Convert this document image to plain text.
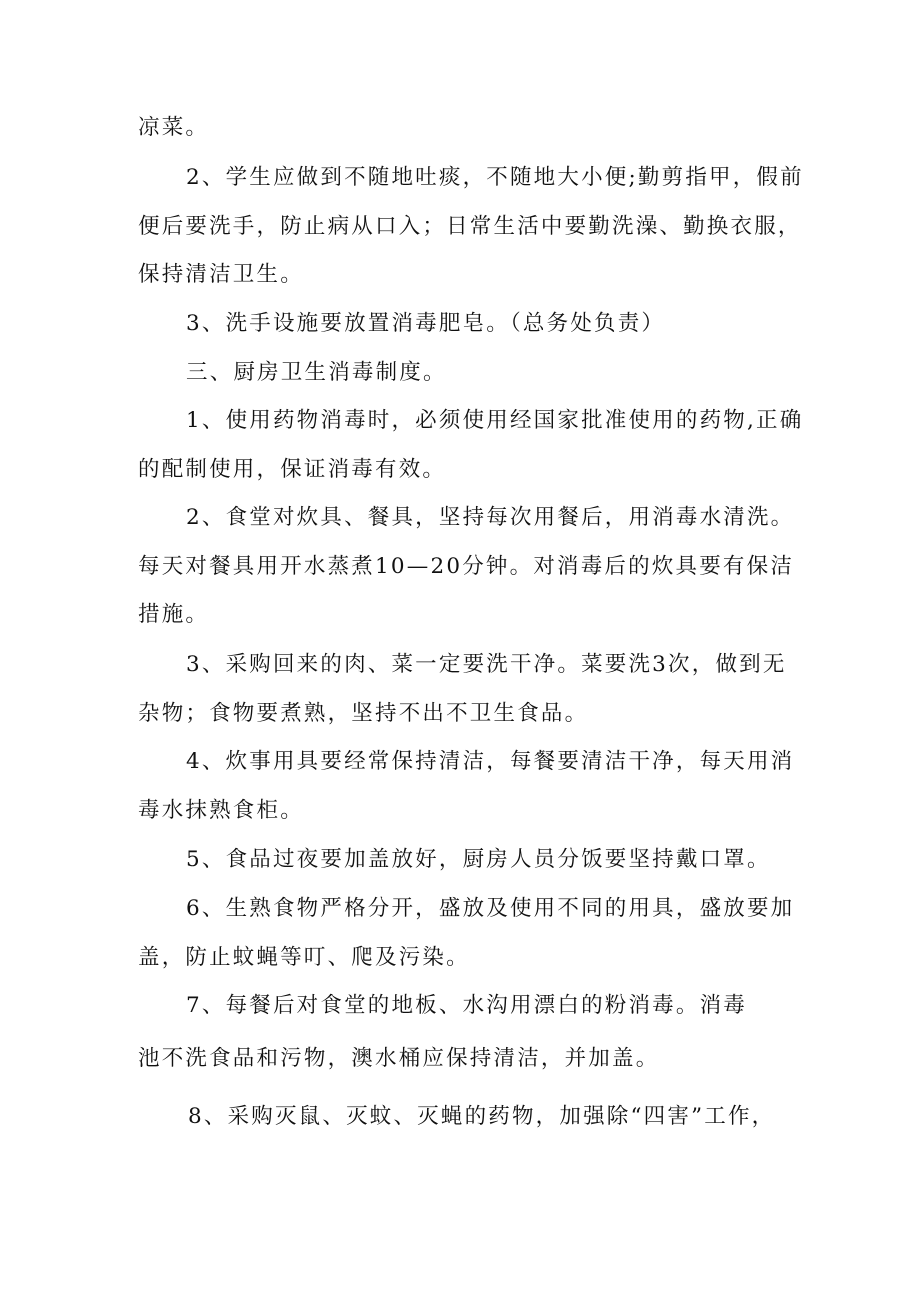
凉菜。
2、学生应做到不随地吐痰，不随地大小便;勤剪指甲，假前
便后要洗手，防止病从口入；日常生活中要勤洗澡、勤换衣服，
保持清洁卫生。
3、洗手设施要放置消毒肥皂。（总务处负责）
三、厨房卫生消毒制度。
1、使用药物消毒时，必须使用经国家批准使用的药物,正确
的配制使用，保证消毒有效。
2、食堂对炊具、餐具，坚持每次用餐后，用消毒水清洗。
每天对餐具用开水蒸煮10—20分钟。对消毒后的炊具要有保洁
措施。
3、采购回来的肉、菜一定要洗干净。菜要洗3次，做到无
杂物；食物要煮熟，坚持不出不卫生食品。
4、炊事用具要经常保持清洁，每餐要清洁干净，每天用消
毒水抹熟食柜。
5、食品过夜要加盖放好，厨房人员分饭要坚持戴口罩。
6、生熟食物严格分开，盛放及使用不同的用具，盛放要加
盖，防止蚊蝇等叮、爬及污染。
7、每餐后对食堂的地板、水沟用漂白的粉消毒。消毒
池不洗食品和污物，澳水桶应保持清洁，并加盖。
8、采购灭鼠、灭蚊、灭蝇的药物，加强除“四害”工作，
